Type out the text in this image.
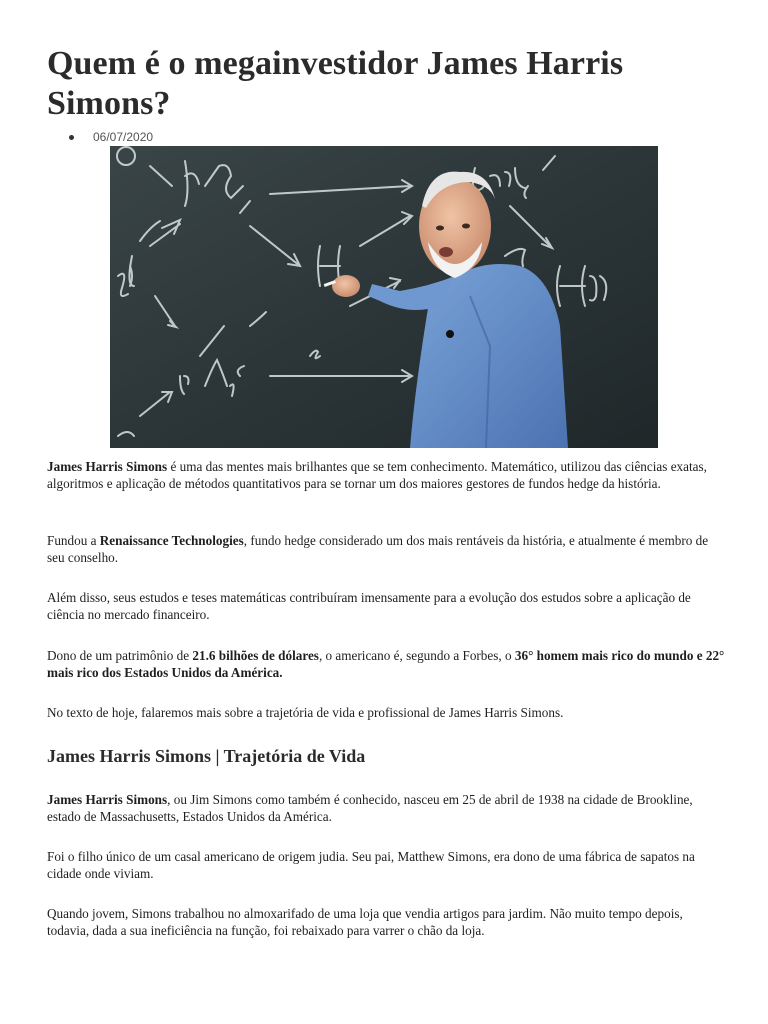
Quem é o megainvestidor James Harris Simons?
06/07/2020

James Harris Simons é uma das mentes mais brilhantes que se tem conhecimento. Matemático, utilizou das ciências exatas, algoritmos e aplicação de métodos quantitativos para se tornar um dos maiores gestores de fundos hedge da história.

Fundou a Renaissance Technologies, fundo hedge considerado um dos mais rentáveis da história, e atualmente é membro de seu conselho.

Além disso, seus estudos e teses matemáticas contribuíram imensamente para a evolução dos estudos sobre a aplicação de ciência no mercado financeiro.

Dono de um patrimônio de 21.6 bilhões de dólares, o americano é, segundo a Forbes, o 36° homem mais rico do mundo e 22° mais rico dos Estados Unidos da América.

No texto de hoje, falaremos mais sobre a trajetória de vida e profissional de James Harris Simons.

James Harris Simons | Trajetória de Vida

James Harris Simons, ou Jim Simons como também é conhecido, nasceu em 25 de abril de 1938 na cidade de Brookline, estado de Massachusetts, Estados Unidos da América.

Foi o filho único de um casal americano de origem judia. Seu pai, Matthew Simons, era dono de uma fábrica de sapatos na cidade onde viviam.

Quando jovem, Simons trabalhou no almoxarifado de uma loja que vendia artigos para jardim. Não muito tempo depois, todavia, dada a sua ineficiência na função, foi rebaixado para varrer o chão da loja.
